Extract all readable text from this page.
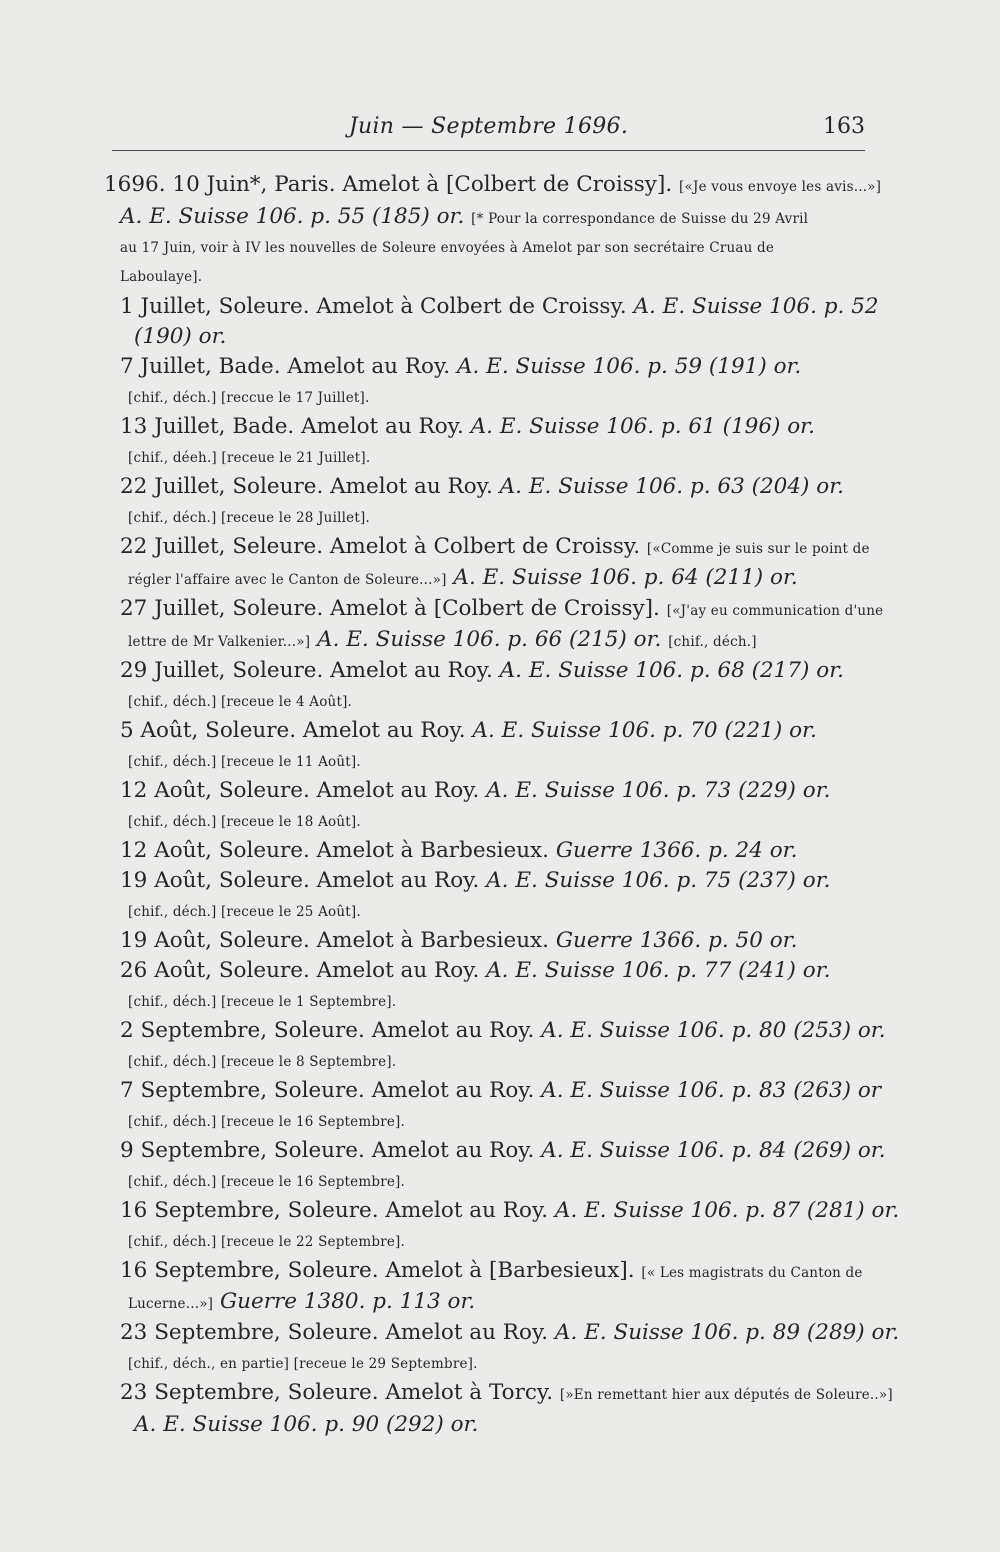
Juin — Septembre 1696.	163
1696. 10 Juin*, Paris. Amelot à [Colbert de Croissy]. [«Je vous envoye les avis...»]
A. E. Suisse 106. p. 55 (185) or. [* Pour la correspondance de Suisse du 29 Avril
au 17 Juin, voir à IV les nouvelles de Soleure envoyées à Amelot par son secrétaire Cruau de
Laboulaye].
1 Juillet, Soleure. Amelot à Colbert de Croissy. A. E. Suisse 106. p. 52
(190) or.
7 Juillet, Bade. Amelot au Roy. A. E. Suisse 106. p. 59 (191) or.
[chif., déch.] [reccue le 17 Juillet].
13 Juillet, Bade. Amelot au Roy. A. E. Suisse 106. p. 61 (196) or.
[chif., déeh.] [receue le 21 Juillet].
22 Juillet, Soleure. Amelot au Roy. A. E. Suisse 106. p. 63 (204) or.
[chif., déch.] [receue le 28 Juillet].
22 Juillet, Seleure. Amelot à Colbert de Croissy. [«Comme je suis sur le point de
régler l'affaire avec le Canton de Soleure...»] A. E. Suisse 106. p. 64 (211) or.
27 Juillet, Soleure. Amelot à [Colbert de Croissy]. [«J'ay eu communication d'une
lettre de Mr Valkenier...»] A. E. Suisse 106. p. 66 (215) or. [chif., déch.]
29 Juillet, Soleure. Amelot au Roy. A. E. Suisse 106. p. 68 (217) or.
[chif., déch.] [receue le 4 Août].
5 Août, Soleure. Amelot au Roy. A. E. Suisse 106. p. 70 (221) or.
[chif., déch.] [receue le 11 Août].
12 Août, Soleure. Amelot au Roy. A. E. Suisse 106. p. 73 (229) or.
[chif., déch.] [receue le 18 Août].
12 Août, Soleure. Amelot à Barbesieux. Guerre 1366. p. 24 or.
19 Août, Soleure. Amelot au Roy. A. E. Suisse 106. p. 75 (237) or.
[chif., déch.] [receue le 25 Août].
19 Août, Soleure. Amelot à Barbesieux. Guerre 1366. p. 50 or.
26 Août, Soleure. Amelot au Roy. A. E. Suisse 106. p. 77 (241) or.
[chif., déch.] [receue le 1 Septembre].
2 Septembre, Soleure. Amelot au Roy. A. E. Suisse 106. p. 80 (253) or.
[chif., déch.] [receue le 8 Septembre].
7 Septembre, Soleure. Amelot au Roy. A. E. Suisse 106. p. 83 (263) or
[chif., déch.] [receue le 16 Septembre].
9 Septembre, Soleure. Amelot au Roy. A. E. Suisse 106. p. 84 (269) or.
[chif., déch.] [receue le 16 Septembre].
16 Septembre, Soleure. Amelot au Roy. A. E. Suisse 106. p. 87 (281) or.
[chif., déch.] [receue le 22 Septembre].
16 Septembre, Soleure. Amelot à [Barbesieux]. [« Les magistrats du Canton de
Lucerne...»] Guerre 1380. p. 113 or.
23 Septembre, Soleure. Amelot au Roy. A. E. Suisse 106. p. 89 (289) or.
[chif., déch., en partie] [receue le 29 Septembre].
23 Septembre, Soleure. Amelot à Torcy. [»En remettant hier aux députés de Soleure..»]
A. E. Suisse 106. p. 90 (292) or.
